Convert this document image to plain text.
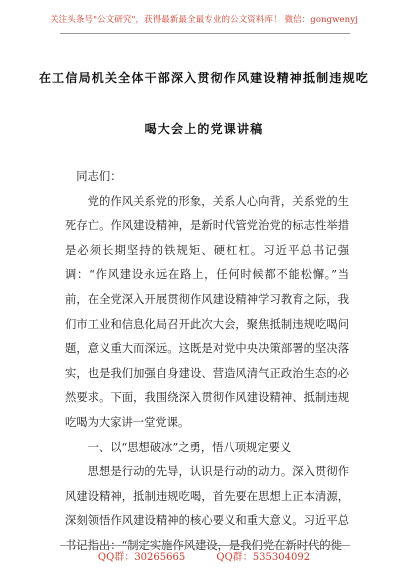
关注头条号"公文研究"，获得最新最全最专业的公文资料库！ 微信：gongwenyj
在工信局机关全体干部深入贯彻作风建设精神抵制违规吃
喝大会上的党课讲稿

同志们：

党的作风关系党的形象，关系人心向背，关系党的生死存亡。作风建设精神，是新时代管党治党的标志性举措是必须长期坚持的铁规矩、硬杠杠。习近平总书记强调：“作风建设永远在路上，任何时候都不能松懈。”当前，在全党深入开展贯彻作风建设精神学习教育之际，我们市工业和信息化局召开此次大会，聚焦抵制违规吃喝问题，意义重大而深远。这既是对党中央决策部署的坚决落实，也是我们加强自身建设、营造风清气正政治生态的必然要求。下面，我围绕深入贯彻作风建设精神、抵制违规吃喝为大家讲一堂党课。

一、以“思想破冰”之勇，悟八项规定要义

思想是行动的先导，认识是行动的动力。深入贯彻作风建设精神，抵制违规吃喝，首先要在思想上正本清源，深刻领悟作风建设精神的核心要义和重大意义。习近平总书记指出：“制定实施作风建设，是我们党在新时代的徙

QQ群：30265665	QQ群：535304092
